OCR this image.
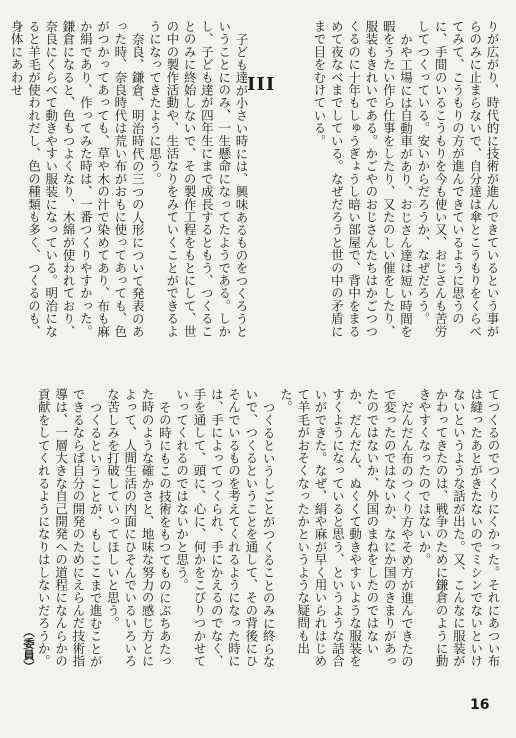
りが広がり、時代的に技術が進んできているという事がらのみに止まらないで、自分達は傘とこうもりをくらべてみて、こうもりの方が進んできているように思うのに、手間のいるこうもりを今も使い又、おじさんも苦労してつくっている。安いからだろうか、なぜだろう。

かや工場には自動車があり、おじさん達は短い時間を暇をうたい作ら仕事をしたり、又たのしい催をしたり、服装もきれいである。かごやのおじさんたちはかごつつくるのに十年もしゅうぎょうし暗い部屋で、背中をまるめて夜なべまでしている。なぜだろうと世の中の矛盾にまで目をむけている。

III

子ども達が小さい時には、興味あるものをつくろうということにのみ、一生懸命になってたようである。しかし、子ども達が四年生にまで成長するともう、つくることのみに終始しないで、その製作工程をもとにして、世の中の製作活動や、生活なりをみていくことができるようになってきたように思う。

奈良、鎌倉、明治時代の三つの人形について発表のあった時、奈良時代は荒い布がおもに使ってあっても、色がつかってあっても、草や木の汁で染めてあり、布も麻か絹であり、作ってみた時は、一番つくりやすかった。鎌倉になると、色もつよくなり、木綿が使われており、奈良にくらべて動きやすい服装になっている。明治になると羊毛が使われだし、色の種類も多く、つくるのも、身体にあわせ

てつくるのでつくりにくかった。それにあつい布は縫ったあとがきたないのでミシンでないといけないというような話が出た。又、こんなに服装がかわってきたのは、戦争のために鎌倉のように動きやすくなったのではないか。

だんだん布のつくり方やそめ方が進んできたので変ったのではないか、なにか国のきまりがあったのではないか、外国のまねをしたのではないか、だんだん、ぬくくて動きやすいような服装をすくようになっていると思う、というような話合いができた。なぜ、絹や麻が早く用いられはじめて羊毛がおそくなったかというような疑問も出た。

つくるというしごとがつくることのみに終らないで、つくるということを通して、その背後にひそんでいるものを考えてくれるようになった時には、手によってつくられ、手にかえるのでなく、手を通して、頭に、心に、何かをこびりつかせていってくれるのではないかと思う。

その時にもこの技術をもつてものにぶちあたった時のような確かさと、地味な努力の感じ方とによって、人間生活の内面にひそんでいるいろいろな苦しみを打破していってほしいと思う。

つくるということが、もしここまで進むことができるならば自分の開発のためにえらんだ技術指導は、一層大きな自己開発への道程になんらかの貢献をしてくれるようになりはしないだろうか。

（委員）
16
